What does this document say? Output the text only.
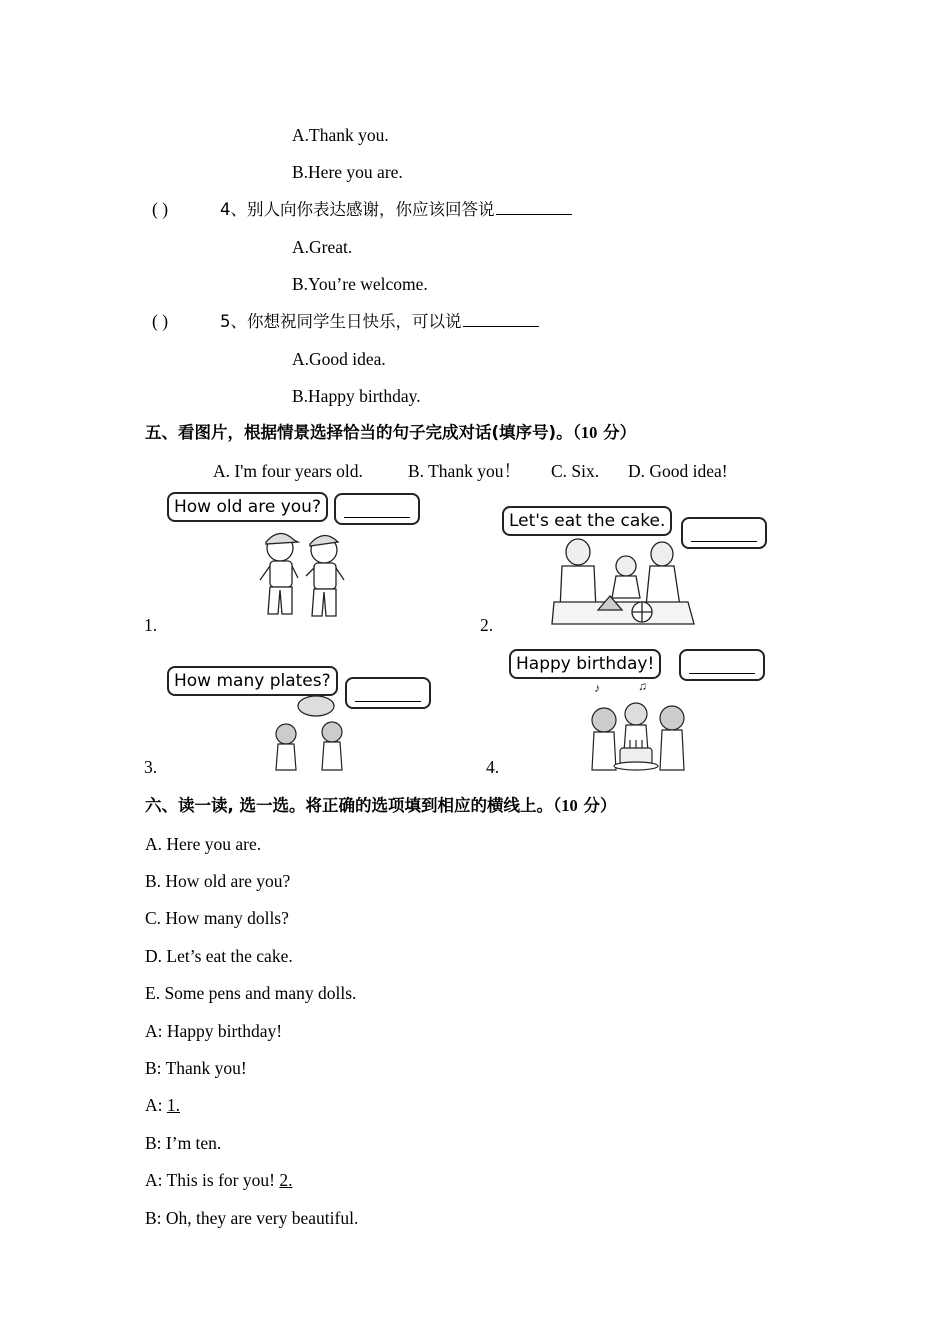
A.Thank you.
B.Here you are.
( )	4、别人向你表达感谢，你应该回答说
A.Great.
B.You’re welcome.
( )	5、你想祝同学生日快乐，可以说
A.Good idea.
B.Happy birthday.
五、看图片，根据情景选择恰当的句子完成对话(填序号)。（10 分）
A. I'm four years old.	B. Thank you！ C. Six. D. Good idea!
How old are you?
1.
Let's eat the cake.
2.
How many plates?
3.
Happy birthday!
♪	♫
4.
六、读一读, 选一选。将正确的选项填到相应的横线上。（10 分）
A. Here you are.
B. How old are you?
C. How many dolls?
D. Let’s eat the cake.
E. Some pens and many dolls.
A: Happy birthday!
B: Thank you!
A: 1.
B: I’m ten.
A: This is for you! 2.
B: Oh, they are very beautiful.
